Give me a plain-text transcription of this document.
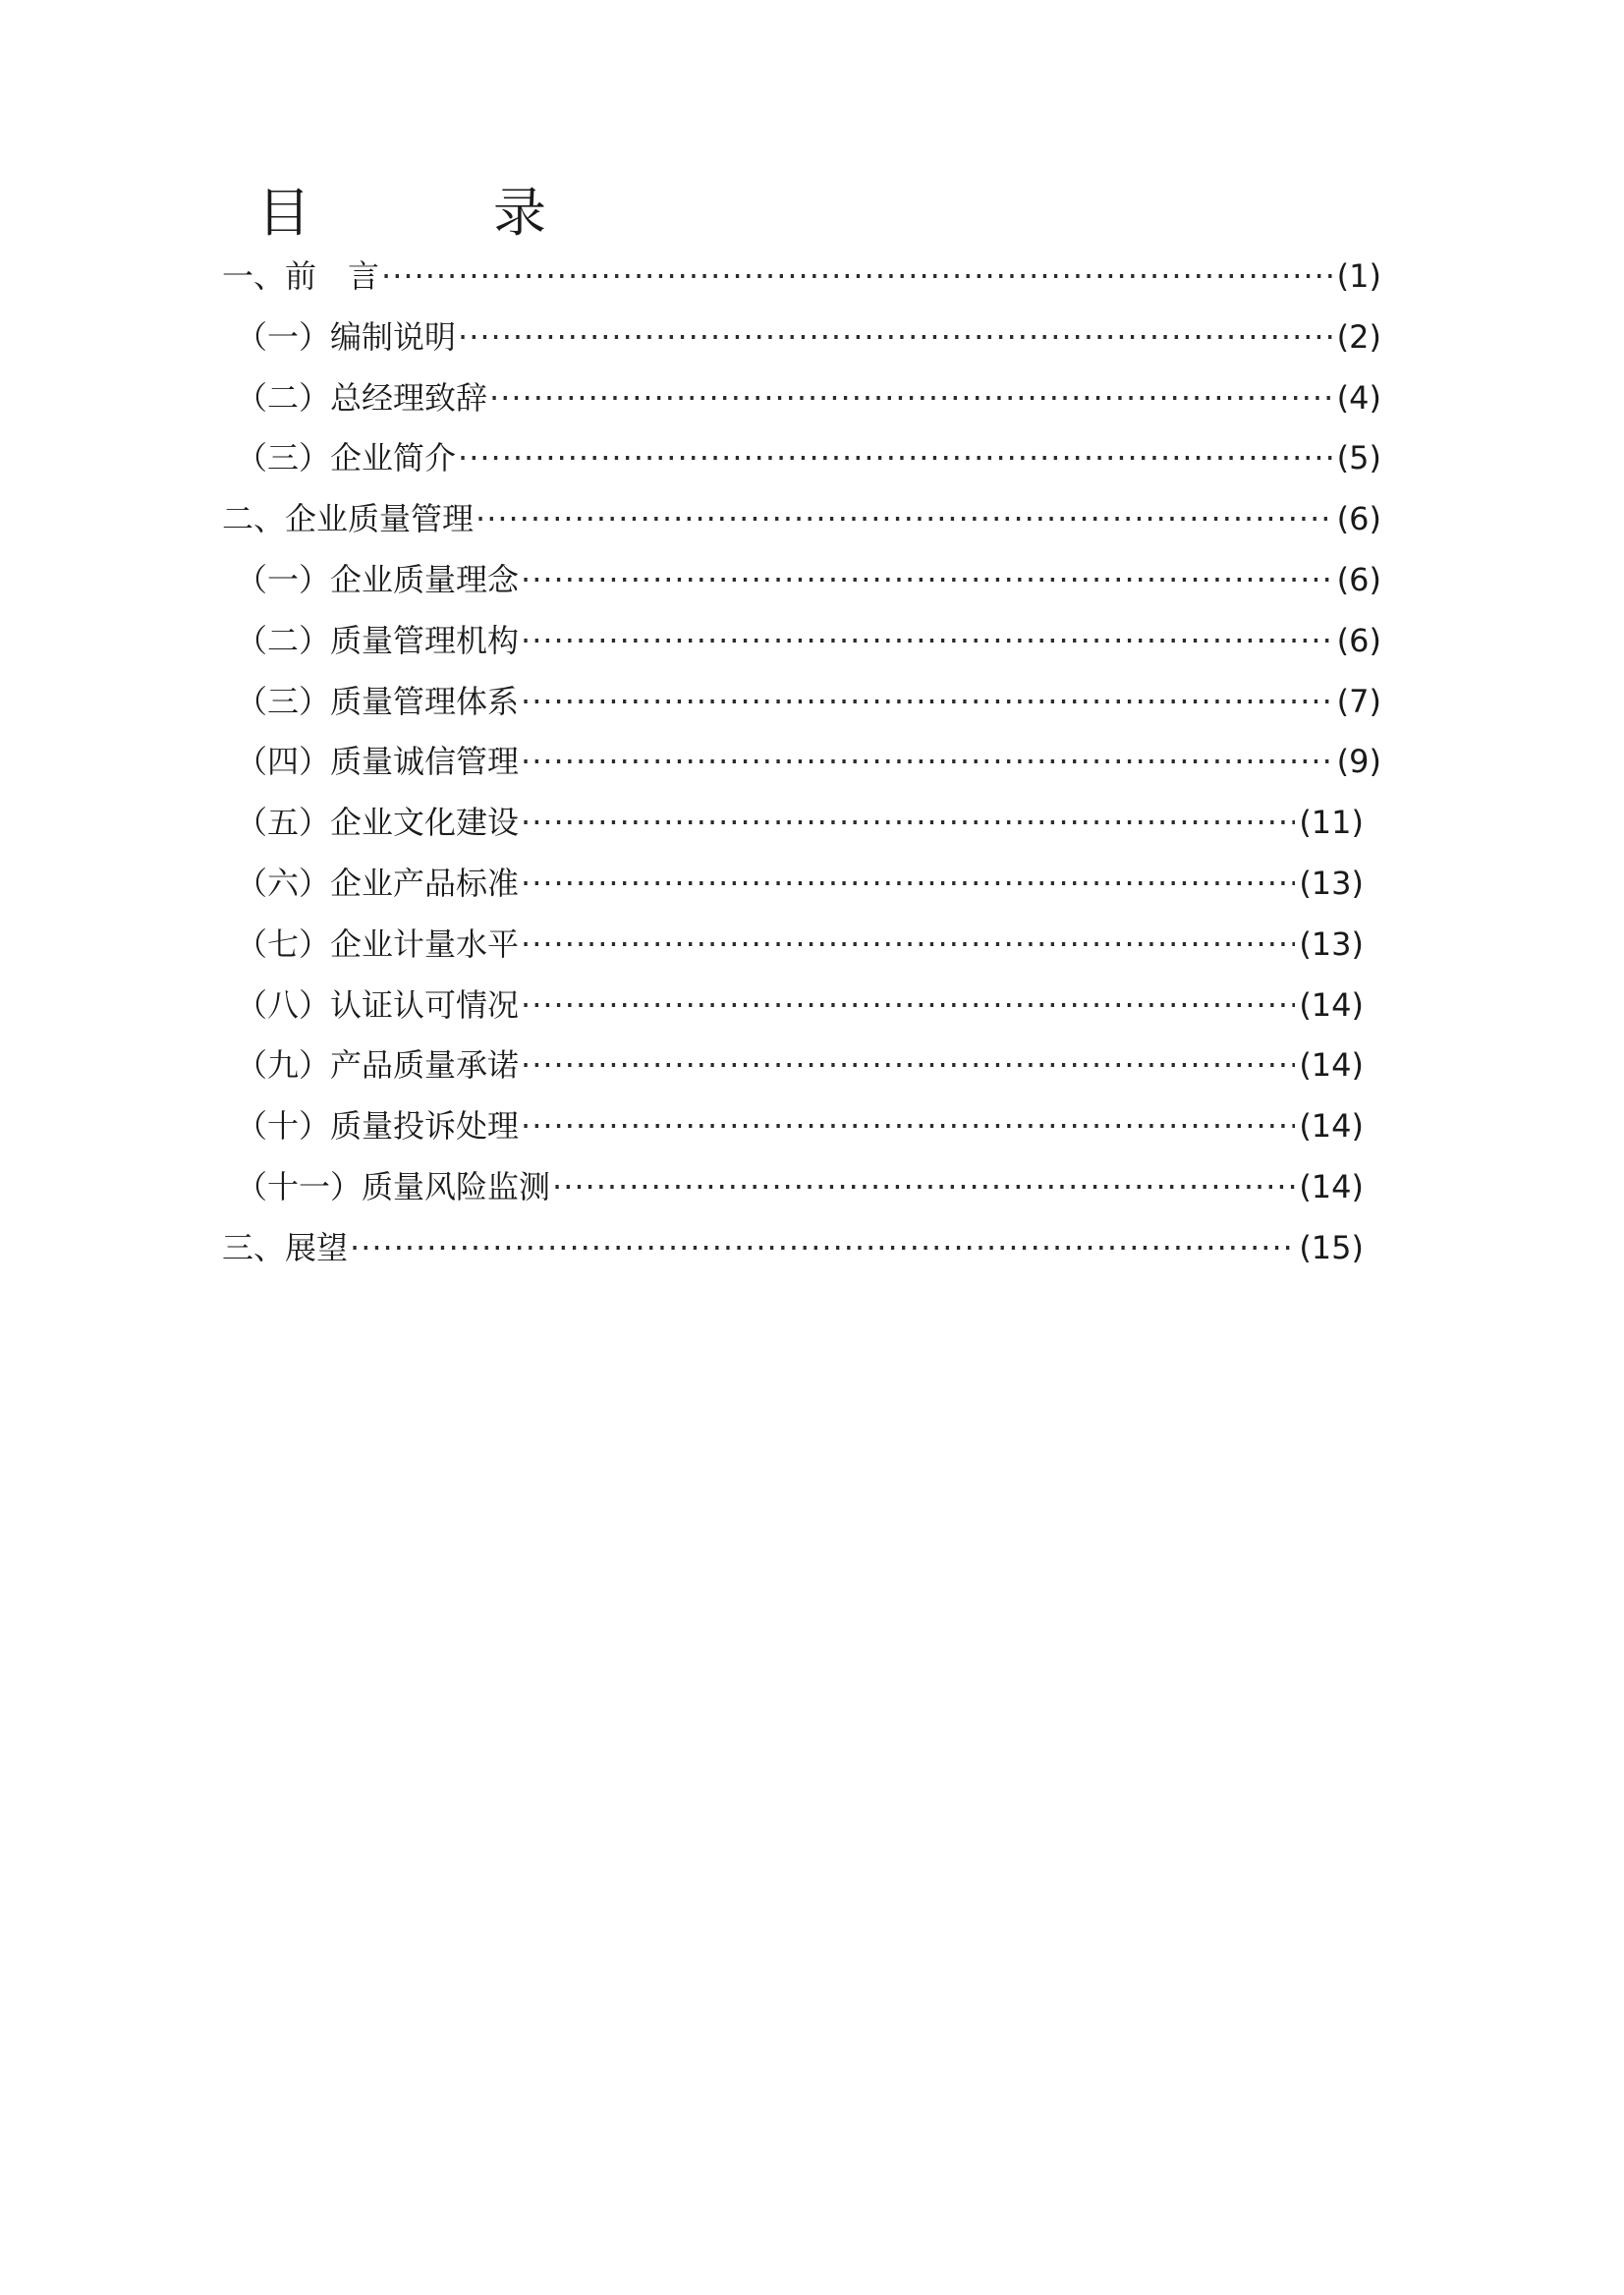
目　录
一、前　言 ·····	(1)
（一）编制说明 ·····	(2)
（二）总经理致辞 ·····	(4)
（三）企业简介 ·····	(5)
二、企业质量管理 ·····	(6)
（一）企业质量理念 ·····	(6)
（二）质量管理机构 ·····	(6)
（三）质量管理体系 ·····	(7)
（四）质量诚信管理 ·····	(9)
（五）企业文化建设 ·····	(11)
（六）企业产品标准 ·····	(13)
（七）企业计量水平 ·····	(13)
（八）认证认可情况 ·····	(14)
（九）产品质量承诺 ·····	(14)
（十）质量投诉处理 ·····	(14)
（十一）质量风险监测 ·····	(14)
三、展望 ·····	(15)
